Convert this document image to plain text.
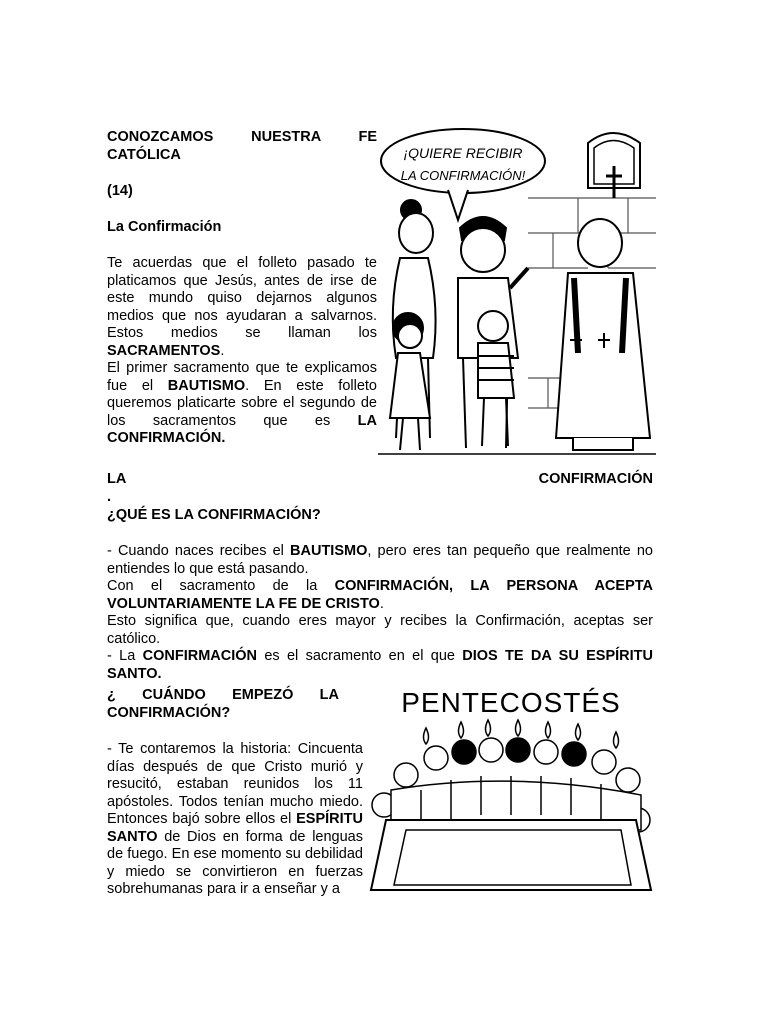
CONOZCAMOS NUESTRA FE

CATÓLICA

(14)

La Confirmación

Te acuerdas que el folleto pasado te platicamos que Jesús, antes de irse de este mundo quiso dejarnos algunos medios que nos ayudaran a salvarnos. Estos medios se llaman los SACRAMENTOS.

El primer sacramento que te explicamos fue el BAUTISMO. En este folleto queremos platicarte sobre el segundo de los sacramentos que es LA CONFIRMACIÓN.

¡QUIERE RECIBIR
LA CONFIRMACIÓN!
LA	CONFIRMACIÓN

.

¿QUÉ ES LA CONFIRMACIÓN?

- Cuando naces recibes el BAUTISMO, pero eres tan pequeño que realmente no entiendes lo que está pasando.

Con el sacramento de la CONFIRMACIÓN, LA PERSONA ACEPTA VOLUNTARIAMENTE LA FE DE CRISTO.

Esto significa que, cuando eres mayor y recibes la Confirmación, aceptas ser católico.

- La CONFIRMACIÓN es el sacramento en el que DIOS TE DA SU ESPÍRITU SANTO.

¿ CUÁNDO EMPEZÓ LA CONFIRMACIÓN?

- Te contaremos la historia: Cincuenta días después de que Cristo murió y resucitó, estaban reunidos los 11 apóstoles. Todos tenían mucho miedo. Entonces bajó sobre ellos el ESPÍRITU SANTO de Dios en forma de lenguas de fuego. En ese momento su debilidad y miedo se convirtieron en fuerzas sobrehumanas para ir a enseñar y a

PENTECOSTÉS
